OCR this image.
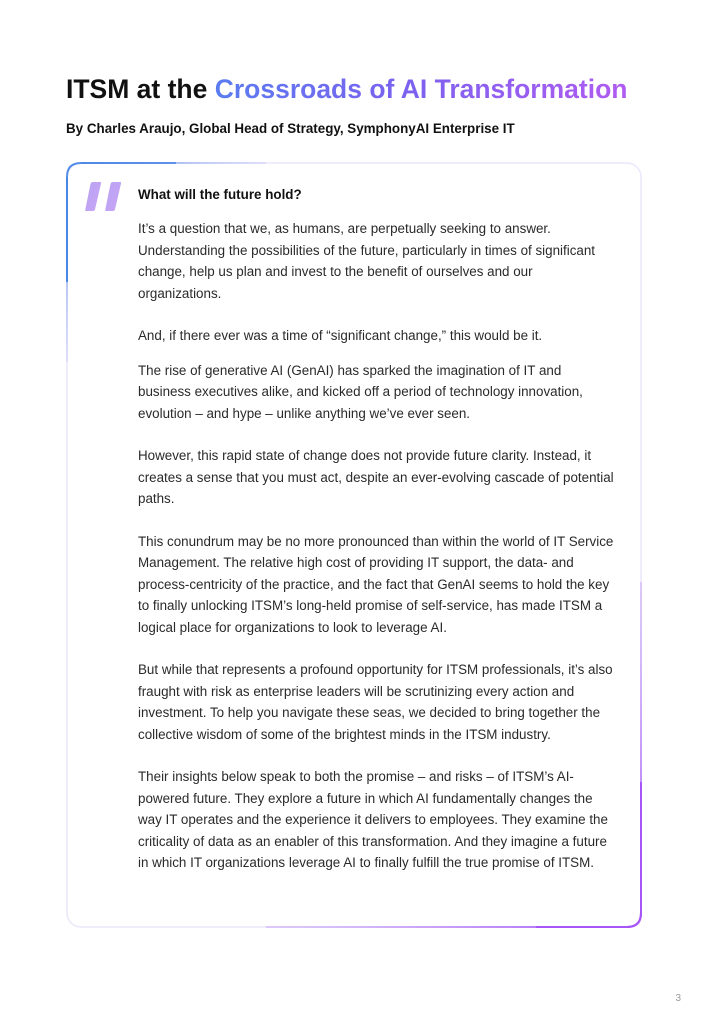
ITSM at the Crossroads of AI Transformation

By Charles Araujo, Global Head of Strategy, SymphonyAI Enterprise IT

What will the future hold?

It’s a question that we, as humans, are perpetually seeking to answer. Understanding the possibilities of the future, particularly in times of significant change, help us plan and invest to the benefit of ourselves and our organizations.

And, if there ever was a time of “significant change,” this would be it.

The rise of generative AI (GenAI) has sparked the imagination of IT and business executives alike, and kicked off a period of technology innovation, evolution – and hype – unlike anything we’ve ever seen.

However, this rapid state of change does not provide future clarity. Instead, it creates a sense that you must act, despite an ever-evolving cascade of potential paths.

This conundrum may be no more pronounced than within the world of IT Service Management. The relative high cost of providing IT support, the data- and process-centricity of the practice, and the fact that GenAI seems to hold the key to finally unlocking ITSM’s long-held promise of self-service, has made ITSM a logical place for organizations to look to leverage AI.

But while that represents a profound opportunity for ITSM professionals, it’s also fraught with risk as enterprise leaders will be scrutinizing every action and investment. To help you navigate these seas, we decided to bring together the collective wisdom of some of the brightest minds in the ITSM industry.

Their insights below speak to both the promise – and risks – of ITSM’s AI-powered future. They explore a future in which AI fundamentally changes the way IT operates and the experience it delivers to employees. They examine the criticality of data as an enabler of this transformation. And they imagine a future in which IT organizations leverage AI to finally fulfill the true promise of ITSM.

3
